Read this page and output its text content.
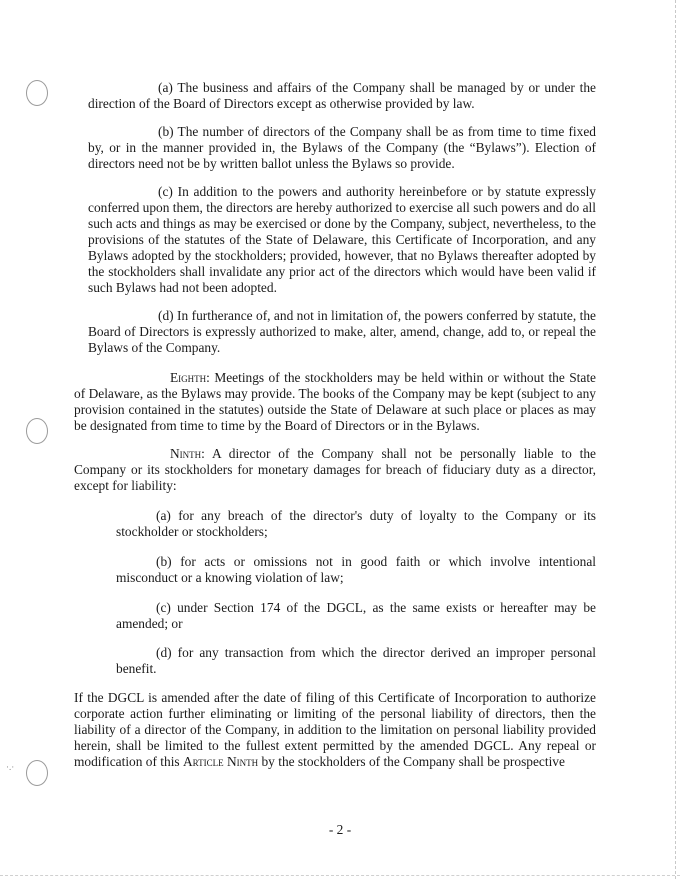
·.·

(a) The business and affairs of the Company shall be managed by or under the direction of the Board of Directors except as otherwise provided by law.

(b) The number of directors of the Company shall be as from time to time fixed by, or in the manner provided in, the Bylaws of the Company (the “Bylaws”). Election of directors need not be by written ballot unless the Bylaws so provide.

(c) In addition to the powers and authority hereinbefore or by statute expressly conferred upon them, the directors are hereby authorized to exercise all such powers and do all such acts and things as may be exercised or done by the Company, subject, nevertheless, to the provisions of the statutes of the State of Delaware, this Certificate of Incorporation, and any Bylaws adopted by the stockholders; provided, however, that no Bylaws thereafter adopted by the stockholders shall invalidate any prior act of the directors which would have been valid if such Bylaws had not been adopted.

(d) In furtherance of, and not in limitation of, the powers conferred by statute, the Board of Directors is expressly authorized to make, alter, amend, change, add to, or repeal the Bylaws of the Company.

Eighth: Meetings of the stockholders may be held within or without the State of Delaware, as the Bylaws may provide. The books of the Company may be kept (subject to any provision contained in the statutes) outside the State of Delaware at such place or places as may be designated from time to time by the Board of Directors or in the Bylaws.

Ninth: A director of the Company shall not be personally liable to the Company or its stockholders for monetary damages for breach of fiduciary duty as a director, except for liability:

(a) for any breach of the director's duty of loyalty to the Company or its stockholder or stockholders;

(b) for acts or omissions not in good faith or which involve intentional misconduct or a knowing violation of law;

(c) under Section 174 of the DGCL, as the same exists or hereafter may be amended; or

(d) for any transaction from which the director derived an improper personal benefit.

If the DGCL is amended after the date of filing of this Certificate of Incorporation to authorize corporate action further eliminating or limiting of the personal liability of directors, then the liability of a director of the Company, in addition to the limitation on personal liability provided herein, shall be limited to the fullest extent permitted by the amended DGCL. Any repeal or modification of this Article Ninth by the stockholders of the Company shall be prospective

- 2 -
